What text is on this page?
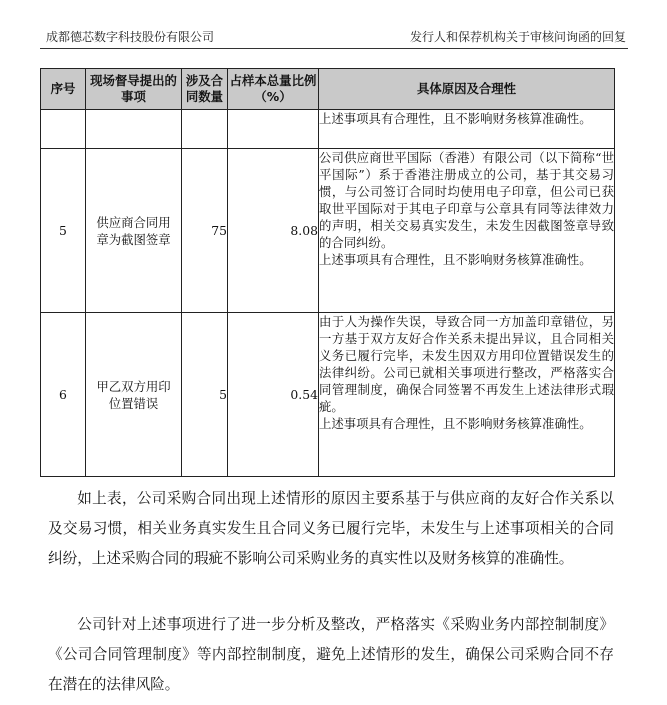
成都德芯数字科技股份有限公司	发行人和保荐机构关于审核问询函的回复
序号	现场督导提出的事项	涉及合同数量	占样本总量比例（%）	具体原因及合理性

				上述事项具有合理性，且不影响财务核算准确性。

5	供应商合同用章为截图签章	75	8.08	公司供应商世平国际（香港）有限公司（以下简称“世平国际”）系于香港注册成立的公司，基于其交易习惯，与公司签订合同时均使用电子印章，但公司已获取世平国际对于其电子印章与公章具有同等法律效力的声明，相关交易真实发生，未发生因截图签章导致的合同纠纷。

上述事项具有合理性，且不影响财务核算准确性。

6	甲乙双方用印位置错误	5	0.54	由于人为操作失误，导致合同一方加盖印章错位，另一方基于双方友好合作关系未提出异议，且合同相关义务已履行完毕，未发生因双方用印位置错误发生的法律纠纷。公司已就相关事项进行整改，严格落实合同管理制度，确保合同签署不再发生上述法律形式瑕疵。

上述事项具有合理性，且不影响财务核算准确性。

如上表，公司采购合同出现上述情形的原因主要系基于与供应商的友好合作关系以及交易习惯，相关业务真实发生且合同义务已履行完毕，未发生与上述事项相关的合同纠纷，上述采购合同的瑕疵不影响公司采购业务的真实性以及财务核算的准确性。

公司针对上述事项进行了进一步分析及整改，严格落实《采购业务内部控制制度》《公司合同管理制度》等内部控制制度，避免上述情形的发生，确保公司采购合同不存在潜在的法律风险。
